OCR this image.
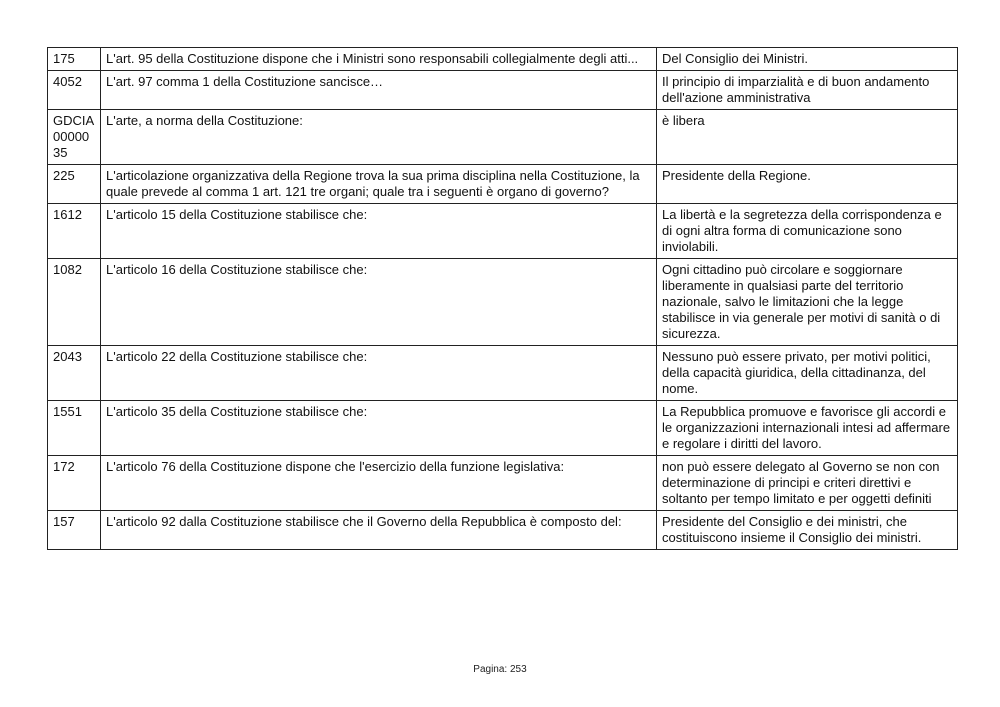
175	L'art. 95 della Costituzione dispone che i Ministri sono responsabili collegialmente degli atti...	Del Consiglio dei Ministri.
4052	L'art. 97 comma 1 della Costituzione sancisce…	Il principio di imparzialità e di buon andamento dell'azione amministrativa
GDCIA0000035	L'arte, a norma della Costituzione:	è libera
225	L'articolazione organizzativa della Regione trova la sua prima disciplina nella Costituzione, la quale prevede al comma 1 art. 121 tre organi; quale tra i seguenti è organo di governo?	Presidente della Regione.
1612	L'articolo 15 della Costituzione stabilisce che:	La libertà e la segretezza della corrispondenza e di ogni altra forma di comunicazione sono inviolabili.
1082	L'articolo 16 della Costituzione stabilisce che:	Ogni cittadino può circolare e soggiornare liberamente in qualsiasi parte del territorio nazionale, salvo le limitazioni che la legge stabilisce in via generale per motivi di sanità o di sicurezza.
2043	L'articolo 22 della Costituzione stabilisce che:	Nessuno può essere privato, per motivi politici, della capacità giuridica, della cittadinanza, del nome.
1551	L'articolo 35 della Costituzione stabilisce che:	La Repubblica promuove e favorisce gli accordi e le organizzazioni internazionali intesi ad affermare e regolare i diritti del lavoro.
172	L'articolo 76 della Costituzione dispone che l'esercizio della funzione legislativa:	non può essere delegato al Governo se non con determinazione di principi e criteri direttivi e soltanto per tempo limitato e per oggetti definiti
157	L'articolo 92 dalla Costituzione stabilisce che il Governo della Repubblica è composto del:	Presidente del Consiglio e dei ministri, che costituiscono insieme il Consiglio dei ministri.
Pagina: 253
